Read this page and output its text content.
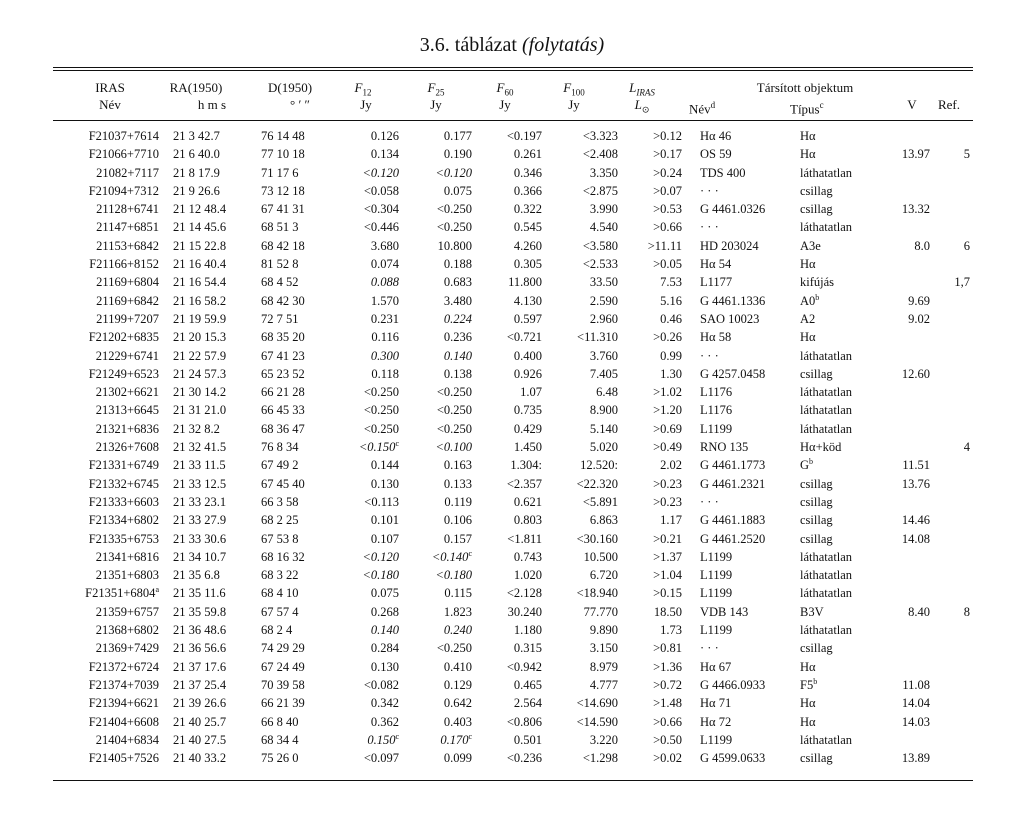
3.6. táblázat (folytatás)
IRAS	RA(1950)	D(1950)	$F_{12}$	$F_{25}$	$F_{60}$	$F_{100}$	$L_{IRAS}$	Társított objektum
Név	h m s	° ′ ″	Jy	Jy	Jy	Jy	$L_⊙$	Név$^d$	Típus$^c$	V Ref.
F21037+7614	21 3 42.7	76 14 48	0.126	0.177	<0.197	<3.323	>0.12	Hα 46	Hα		
F21066+7710	21 6 40.0	77 10 18	0.134	0.190	0.261	<2.408	>0.17	OS 59	Hα	13.97	5
21082+7117	21 8 17.9	71 17 6	<0.120	<0.120	0.346	3.350	>0.24	TDS 400	láthatatlan		
F21094+7312	21 9 26.6	73 12 18	<0.058	0.075	0.366	<2.875	>0.07	· · ·	csillag		
21128+6741	21 12 48.4	67 41 31	<0.304	<0.250	0.322	3.990	>0.53	G 4461.0326	csillag	13.32	
21147+6851	21 14 45.6	68 51 3	<0.446	<0.250	0.545	4.540	>0.66	· · ·	láthatatlan		
21153+6842	21 15 22.8	68 42 18	3.680	10.800	4.260	<3.580	>11.11	HD 203024	A3e	8.0	6
F21166+8152	21 16 40.4	81 52 8	0.074	0.188	0.305	<2.533	>0.05	Hα 54	Hα		
21169+6804	21 16 54.4	68 4 52	0.088	0.683	11.800	33.50	7.53	L1177	kifújás		1,7
21169+6842	21 16 58.2	68 42 30	1.570	3.480	4.130	2.590	5.16	G 4461.1336	A0$^b$	9.69	
21199+7207	21 19 59.9	72 7 51	0.231	0.224	0.597	2.960	0.46	SAO 10023	A2	9.02	
F21202+6835	21 20 15.3	68 35 20	0.116	0.236	<0.721	<11.310	>0.26	Hα 58	Hα		
21229+6741	21 22 57.9	67 41 23	0.300	0.140	0.400	3.760	0.99	· · ·	láthatatlan		
F21249+6523	21 24 57.3	65 23 52	0.118	0.138	0.926	7.405	1.30	G 4257.0458	csillag	12.60	
21302+6621	21 30 14.2	66 21 28	<0.250	<0.250	1.07	6.48	>1.02	L1176	láthatatlan		
21313+6645	21 31 21.0	66 45 33	<0.250	<0.250	0.735	8.900	>1.20	L1176	láthatatlan		
21321+6836	21 32 8.2	68 36 47	<0.250	<0.250	0.429	5.140	>0.69	L1199	láthatatlan		
21326+7608	21 32 41.5	76 8 34	<0.150$^c$	<0.100	1.450	5.020	>0.49	RNO 135	Hα+köd		4
F21331+6749	21 33 11.5	67 49 2	0.144	0.163	1.304:	12.520:	2.02	G 4461.1773	G$^b$	11.51	
F21332+6745	21 33 12.5	67 45 40	0.130	0.133	<2.357	<22.320	>0.23	G 4461.2321	csillag	13.76	
F21333+6603	21 33 23.1	66 3 58	<0.113	0.119	0.621	<5.891	>0.23	· · ·	csillag		
F21334+6802	21 33 27.9	68 2 25	0.101	0.106	0.803	6.863	1.17	G 4461.1883	csillag	14.46	
F21335+6753	21 33 30.6	67 53 8	0.107	0.157	<1.811	<30.160	>0.21	G 4461.2520	csillag	14.08	
21341+6816	21 34 10.7	68 16 32	<0.120	<0.140$^c$	0.743	10.500	>1.37	L1199	láthatatlan		
21351+6803	21 35 6.8	68 3 22	<0.180	<0.180	1.020	6.720	>1.04	L1199	láthatatlan		
F21351+6804$^a$	21 35 11.6	68 4 10	0.075	0.115	<2.128	<18.940	>0.15	L1199	láthatatlan		
21359+6757	21 35 59.8	67 57 4	0.268	1.823	30.240	77.770	18.50	VDB 143	B3V	8.40	8
21368+6802	21 36 48.6	68 2 4	0.140	0.240	1.180	9.890	1.73	L1199	láthatatlan		
21369+7429	21 36 56.6	74 29 29	0.284	<0.250	0.315	3.150	>0.81	· · ·	csillag		
F21372+6724	21 37 17.6	67 24 49	0.130	0.410	<0.942	8.979	>1.36	Hα 67	Hα		
F21374+7039	21 37 25.4	70 39 58	<0.082	0.129	0.465	4.777	>0.72	G 4466.0933	F5$^b$	11.08	
F21394+6621	21 39 26.6	66 21 39	0.342	0.642	2.564	<14.690	>1.48	Hα 71	Hα	14.04	
F21404+6608	21 40 25.7	66 8 40	0.362	0.403	<0.806	<14.590	>0.66	Hα 72	Hα	14.03	
21404+6834	21 40 27.5	68 34 4	0.150$^c$	0.170$^c$	0.501	3.220	>0.50	L1199	láthatatlan		
F21405+7526	21 40 33.2	75 26 0	<0.097	0.099	<0.236	<1.298	>0.02	G 4599.0633	csillag	13.89	
